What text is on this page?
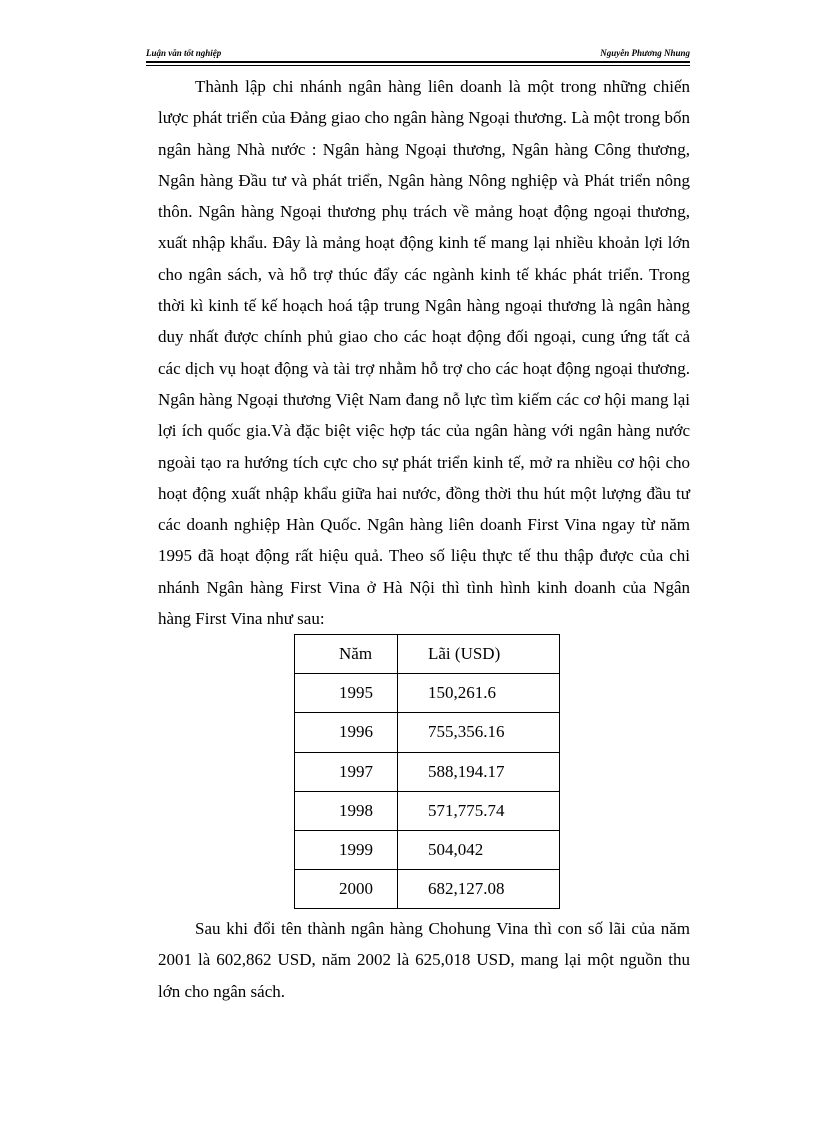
Luận văn tốt nghiệp	Nguyễn Phương Nhung

Thành lập chi nhánh ngân hàng liên doanh là một trong những chiến lược phát triển của Đảng giao cho ngân hàng Ngoại thương. Là một trong bốn ngân hàng Nhà nước : Ngân hàng Ngoại thương, Ngân hàng Công thương, Ngân hàng Đầu tư và phát triển, Ngân hàng Nông nghiệp và Phát triển nông thôn. Ngân hàng Ngoại thương phụ trách về mảng hoạt động ngoại thương, xuất nhập khẩu. Đây là mảng hoạt động kinh tế mang lại nhiều khoản lợi lớn cho ngân sách, và hỗ trợ thúc đẩy các ngành kinh tế khác phát triển. Trong thời kì kinh tế kế hoạch hoá tập trung Ngân hàng ngoại thương là ngân hàng duy nhất được chính phủ giao cho các hoạt động đối ngoại, cung ứng tất cả các dịch vụ hoạt động và tài trợ nhằm hỗ trợ cho các hoạt động ngoại thương. Ngân hàng Ngoại thương Việt Nam đang nỗ lực tìm kiếm các cơ hội mang lại lợi ích quốc gia.Và đặc biệt việc hợp tác của ngân hàng với ngân hàng nước ngoài tạo ra hướng tích cực cho sự phát triển kinh tế, mở ra nhiều cơ hội cho hoạt động xuất nhập khẩu giữa hai nước, đồng thời thu hút một lượng đầu tư các doanh nghiệp Hàn Quốc. Ngân hàng liên doanh First Vina ngay từ năm 1995 đã hoạt động rất hiệu quả. Theo số liệu thực tế thu thập được của chi nhánh Ngân hàng First Vina ở Hà Nội thì tình hình kinh doanh của Ngân hàng First Vina như sau:

Năm	Lãi (USD)
1995	150,261.6
1996	755,356.16
1997	588,194.17
1998	571,775.74
1999	504,042
2000	682,127.08

Sau khi đổi tên thành ngân hàng Chohung Vina thì con số lãi của năm 2001 là 602,862 USD, năm 2002 là 625,018 USD, mang lại một nguồn thu lớn cho ngân sách.
